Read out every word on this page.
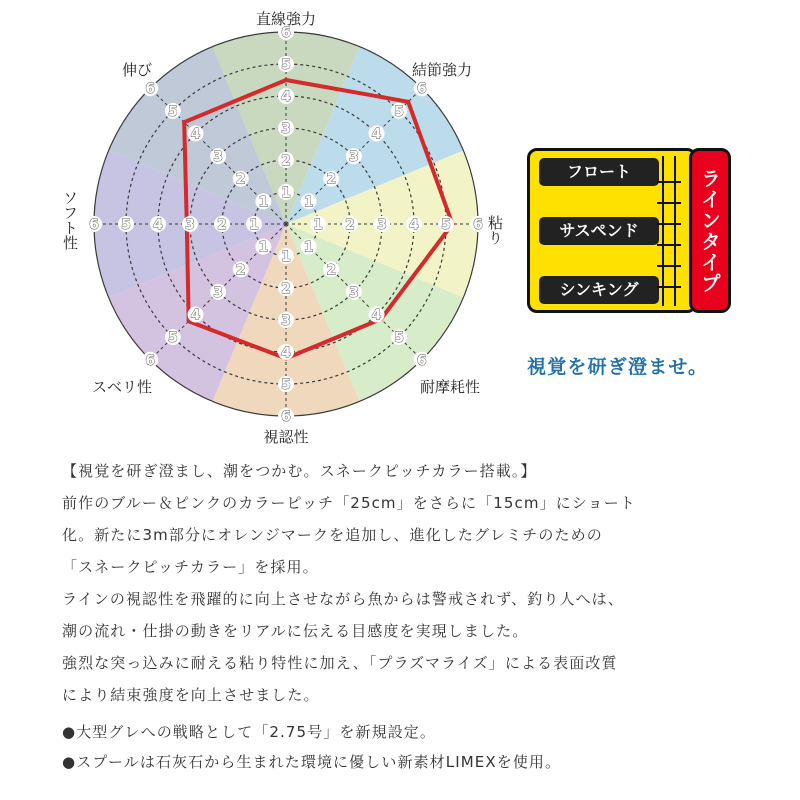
1
2
3
4
5
6
1
2
3
4
5
6
1 2 3 4 5 6
1
2
3
4
5
6
1
2
3
4
5
6
1
2
3
4
5
6
1
2
3
4
5
6
1
2
3
4
5
6
直線強力
結節強力
粘り
耐摩耗性
視認性
スベリ性
ソフト性
伸び
フロート
サスペンド
シンキング	ラインタイプ
視覚を研ぎ澄ませ。
【視覚を研ぎ澄まし、潮をつかむ。スネークピッチカラー搭載。】
前作のブルー＆ピンクのカラーピッチ「25cm」をさらに「15cm」にショート
化。新たに3m部分にオレンジマークを追加し、進化したグレミチのための
「スネークピッチカラー」を採用。
ラインの視認性を飛躍的に向上させながら魚からは警戒されず、釣り人へは、
潮の流れ・仕掛の動きをリアルに伝える目感度を実現しました。
強烈な突っ込みに耐える粘り特性に加え、「プラズマライズ」による表面改質
により結束強度を向上させました。
●大型グレへの戦略として「2.75号」を新規設定。
●スプールは石灰石から生まれた環境に優しい新素材LIMEXを使用。
